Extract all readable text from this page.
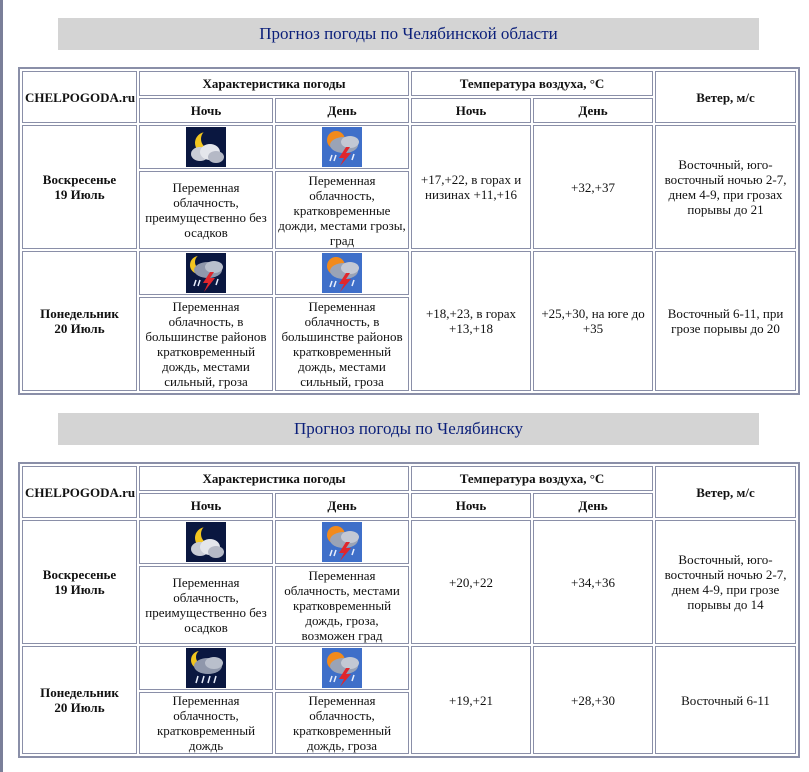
Прогноз погоды по Челябинской области
CHELPOGODA.ru	Характеристика погоды		Температура воздуха, °С		Ветер, м/с
	Ночь	День	Ночь	День	
Воскресенье
19 Июль			+17,+22, в горах и низинах +11,+16	+32,+37	Восточный, юго-восточный ночью 2-7, днем 4-9, при грозах порывы до 21
	Переменная облачность, преимущественно без осадков	Переменная облачность, кратковременные дожди, местами грозы, град			
Понедельник
20 Июль			+18,+23, в горах +13,+18	+25,+30, на юге до +35	Восточный 6-11, при грозе порывы до 20
	Переменная облачность, в большинстве районов кратковременный дождь, местами сильный, гроза	Переменная облачность, в большинстве районов кратковременный дождь, местами сильный, гроза			
Прогноз погоды по Челябинску
CHELPOGODA.ru	Характеристика погоды		Температура воздуха, °С		Ветер, м/с
	Ночь	День	Ночь	День	
Воскресенье
19 Июль			+20,+22	+34,+36	Восточный, юго-восточный ночью 2-7, днем 4-9, при грозе порывы до 14
	Переменная облачность, преимущественно без осадков	Переменная облачность, местами кратковременный дождь, гроза, возможен град			
Понедельник
20 Июль			+19,+21	+28,+30	Восточный 6-11
	Переменная облачность, кратковременный дождь	Переменная облачность, кратковременный дождь, гроза			
